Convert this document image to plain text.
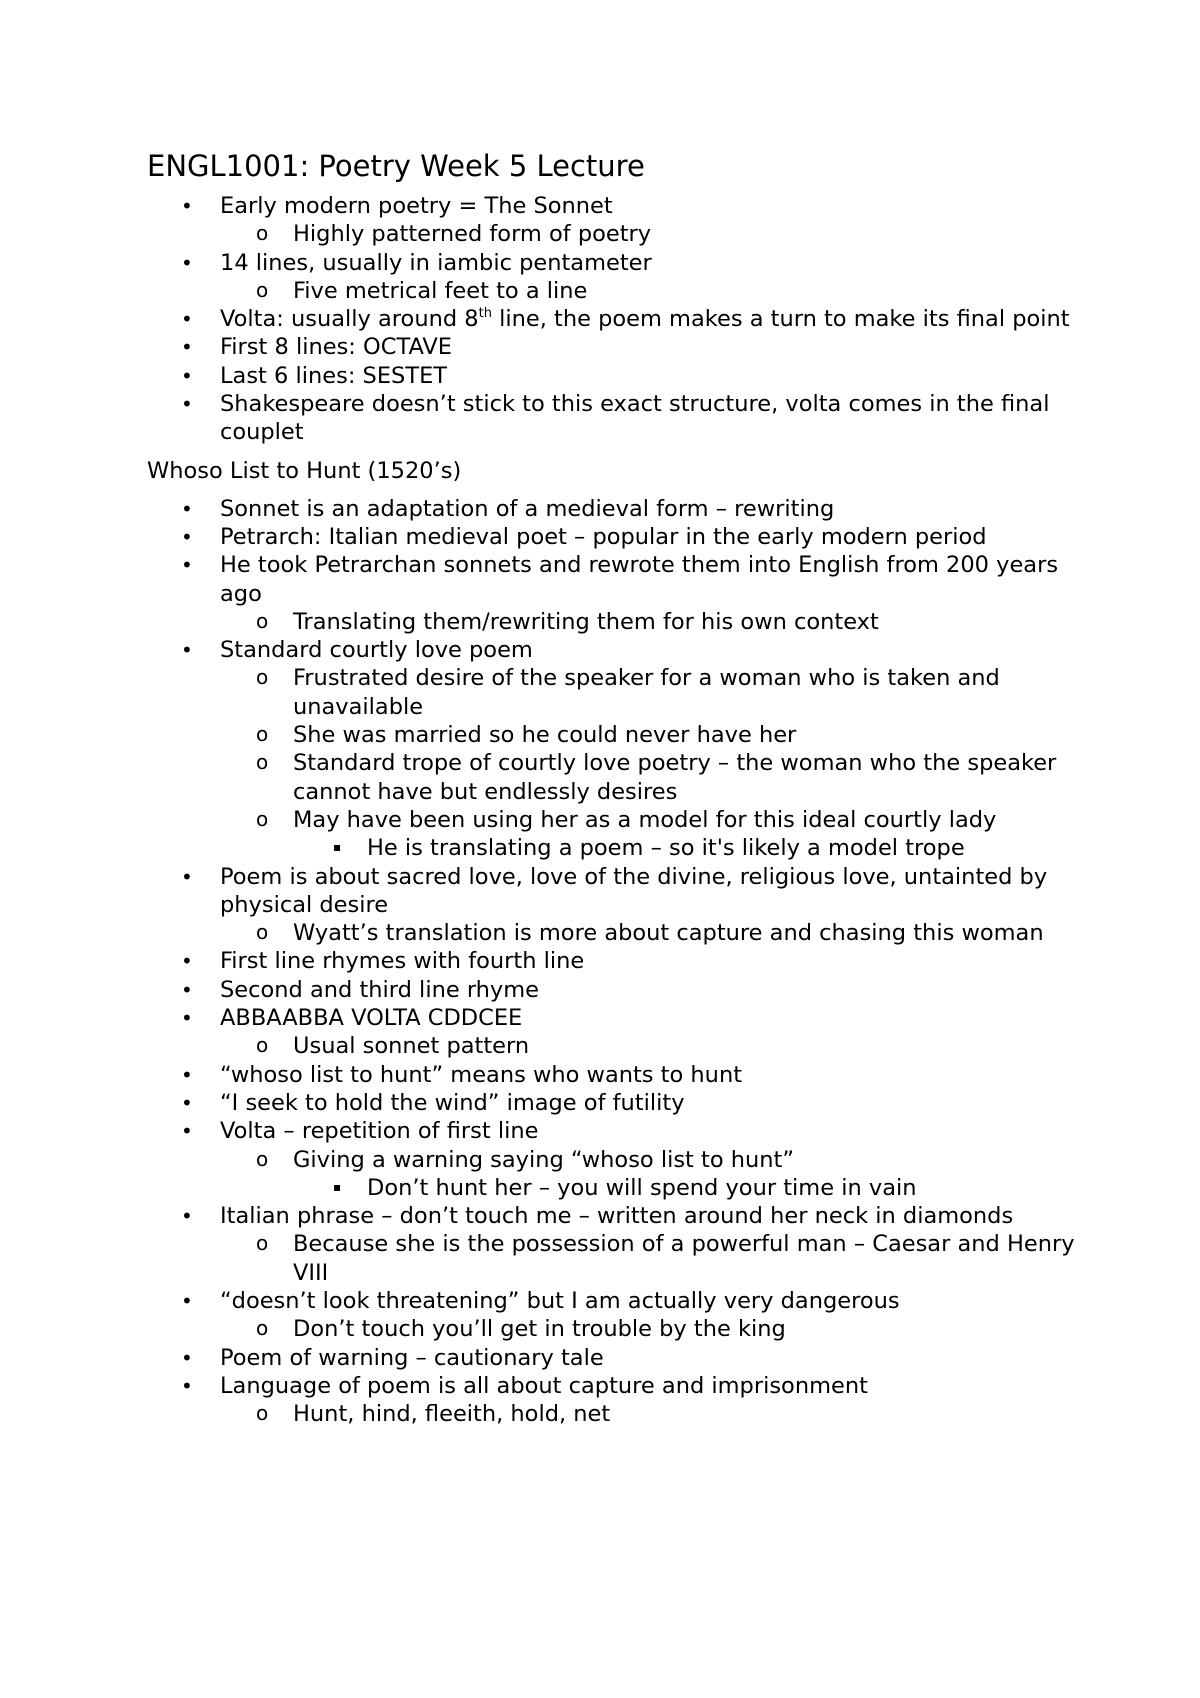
ENGL1001: Poetry Week 5 Lecture
• Early modern poetry = The Sonnet
o Highly patterned form of poetry
• 14 lines, usually in iambic pentameter
o Five metrical feet to a line
• Volta: usually around 8th line, the poem makes a turn to make its final point
• First 8 lines: OCTAVE
• Last 6 lines: SESTET
• Shakespeare doesn’t stick to this exact structure, volta comes in the final couplet
Whoso List to Hunt (1520’s)
• Sonnet is an adaptation of a medieval form – rewriting
• Petrarch: Italian medieval poet – popular in the early modern period
• He took Petrarchan sonnets and rewrote them into English from 200 years ago
o Translating them/rewriting them for his own context
• Standard courtly love poem
o Frustrated desire of the speaker for a woman who is taken and unavailable
o She was married so he could never have her
o Standard trope of courtly love poetry – the woman who the speaker cannot have but endlessly desires
o May have been using her as a model for this ideal courtly lady
▪ He is translating a poem – so it's likely a model trope
• Poem is about sacred love, love of the divine, religious love, untainted by physical desire
o Wyatt’s translation is more about capture and chasing this woman
• First line rhymes with fourth line
• Second and third line rhyme
• ABBAABBA VOLTA CDDCEE
o Usual sonnet pattern
• “whoso list to hunt” means who wants to hunt
• “I seek to hold the wind” image of futility
• Volta – repetition of first line
o Giving a warning saying “whoso list to hunt”
▪ Don’t hunt her – you will spend your time in vain
• Italian phrase – don’t touch me – written around her neck in diamonds
o Because she is the possession of a powerful man – Caesar and Henry VIII
• “doesn’t look threatening” but I am actually very dangerous
o Don’t touch you’ll get in trouble by the king
• Poem of warning – cautionary tale
• Language of poem is all about capture and imprisonment
o Hunt, hind, fleeith, hold, net
